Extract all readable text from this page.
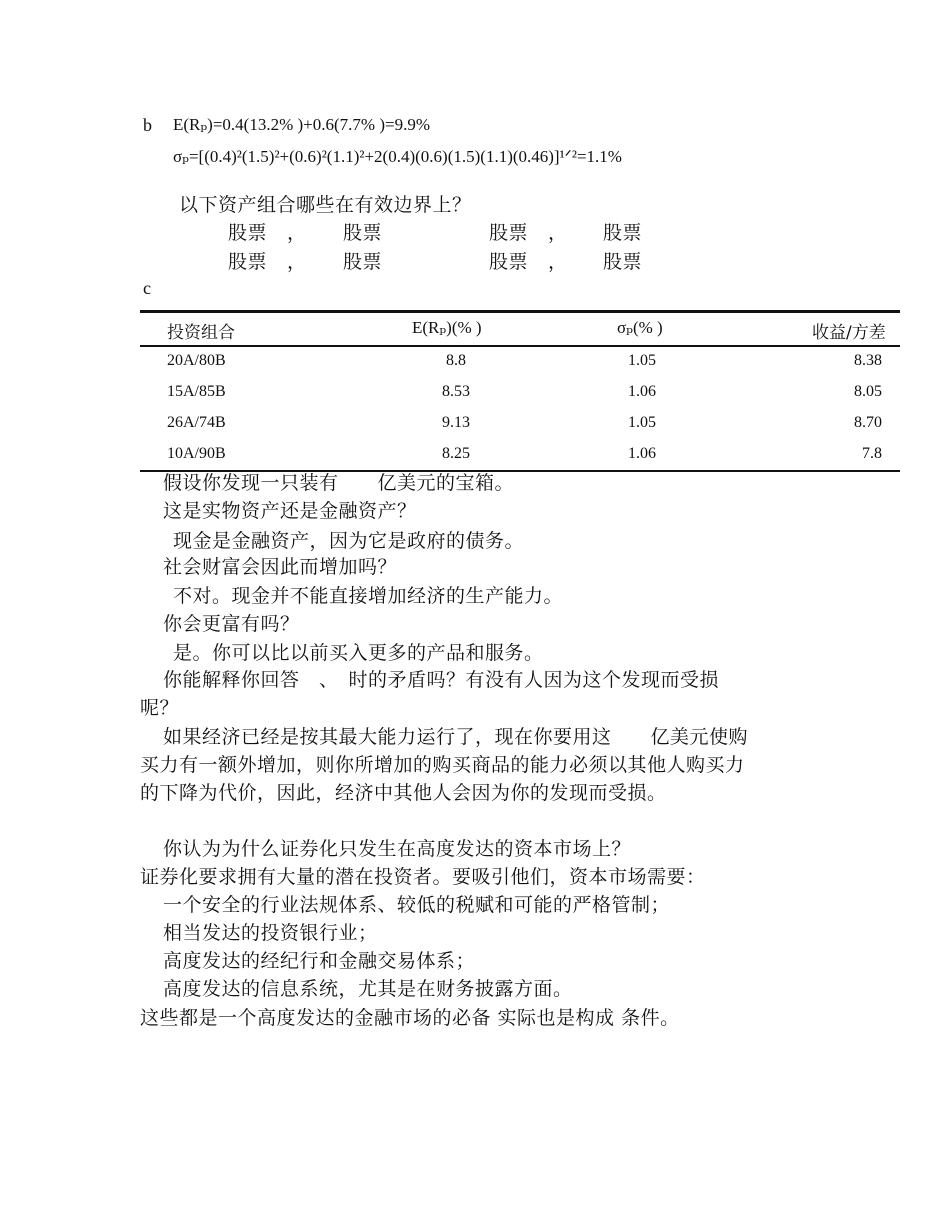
b E(Rₚ)=0.4(13.2% )+0.6(7.7% )=9.9%
σₚ=[(0.4)²(1.5)²+(0.6)²(1.1)²+2(0.4)(0.6)(1.5)(1.1)(0.46)]¹ᐟ²=1.1%
以下资产组合哪些在有效边界上？
股票 ， 股票	股票 ， 股票
股票 ， 股票	股票 ， 股票
c
投资组合	E(Rₚ)(% )	σₚ(% )	收益/方差
20A/80B	8.8	1.05	8.38
15A/85B	8.53	1.06	8.05
26A/74B	9.13	1.05	8.70
10A/90B	8.25	1.06	7.8
假设你发现一只装有　　亿美元的宝箱。
这是实物资产还是金融资产？
现金是金融资产，因为它是政府的债务。
社会财富会因此而增加吗？
不对。现金并不能直接增加经济的生产能力。
你会更富有吗？
是。你可以比以前买入更多的产品和服务。
你能解释你回答　、　时的矛盾吗？有没有人因为这个发现而受损
呢？
如果经济已经是按其最大能力运行了，现在你要用这　　亿美元使购
买力有一额外增加，则你所增加的购买商品的能力必须以其他人购买力
的下降为代价，因此，经济中其他人会因为你的发现而受损。
你认为为什么证券化只发生在高度发达的资本市场上？
证券化要求拥有大量的潜在投资者。要吸引他们，资本市场需要：
一个安全的行业法规体系、较低的税赋和可能的严格管制；
相当发达的投资银行业；
高度发达的经纪行和金融交易体系；
高度发达的信息系统，尤其是在财务披露方面。
这些都是一个高度发达的金融市场的必备 实际也是构成 条件。
